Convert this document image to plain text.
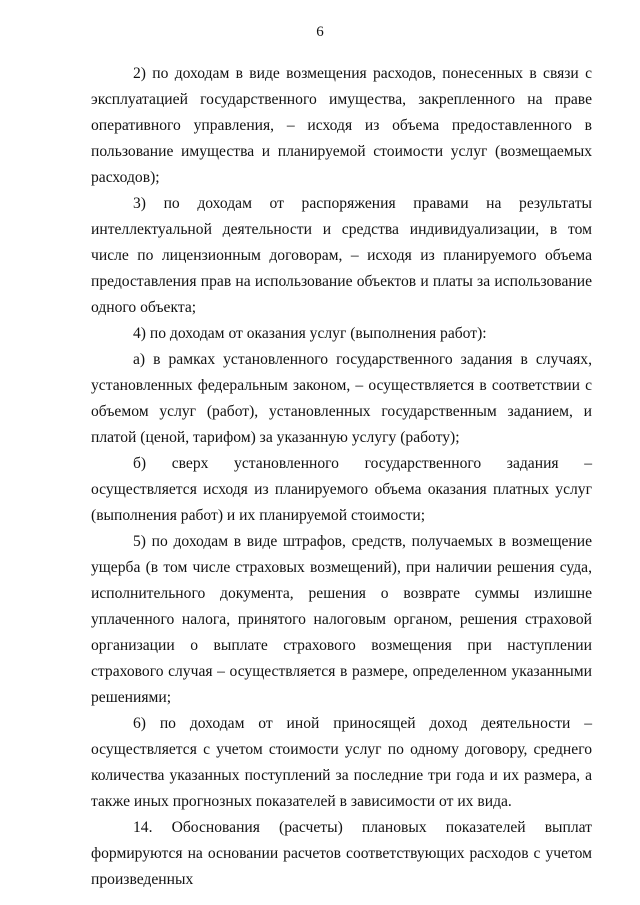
6

2) по доходам в виде возмещения расходов, понесенных в связи с эксплуатацией государственного имущества, закрепленного на праве оперативного управления, – исходя из объема предоставленного в пользование имущества и планируемой стоимости услуг (возмещаемых расходов);

3) по доходам от распоряжения правами на результаты интеллектуальной деятельности и средства индивидуализации, в том числе по лицензионным договорам, – исходя из планируемого объема предоставления прав на использование объектов и платы за использование одного объекта;

4) по доходам от оказания услуг (выполнения работ):

а) в рамках установленного государственного задания в случаях, установленных федеральным законом, – осуществляется в соответствии с объемом услуг (работ), установленных государственным заданием, и платой (ценой, тарифом) за указанную услугу (работу);

б) сверх установленного государственного задания – осуществляется исходя из планируемого объема оказания платных услуг (выполнения работ) и их планируемой стоимости;

5) по доходам в виде штрафов, средств, получаемых в возмещение ущерба (в том числе страховых возмещений), при наличии решения суда, исполнительного документа, решения о возврате суммы излишне уплаченного налога, принятого налоговым органом, решения страховой организации о выплате страхового возмещения при наступлении страхового случая – осуществляется в размере, определенном указанными решениями;

6) по доходам от иной приносящей доход деятельности – осуществляется с учетом стоимости услуг по одному договору, среднего количества указанных поступлений за последние три года и их размера, а также иных прогнозных показателей в зависимости от их вида.

14. Обоснования (расчеты) плановых показателей выплат формируются на основании расчетов соответствующих расходов с учетом произведенных
